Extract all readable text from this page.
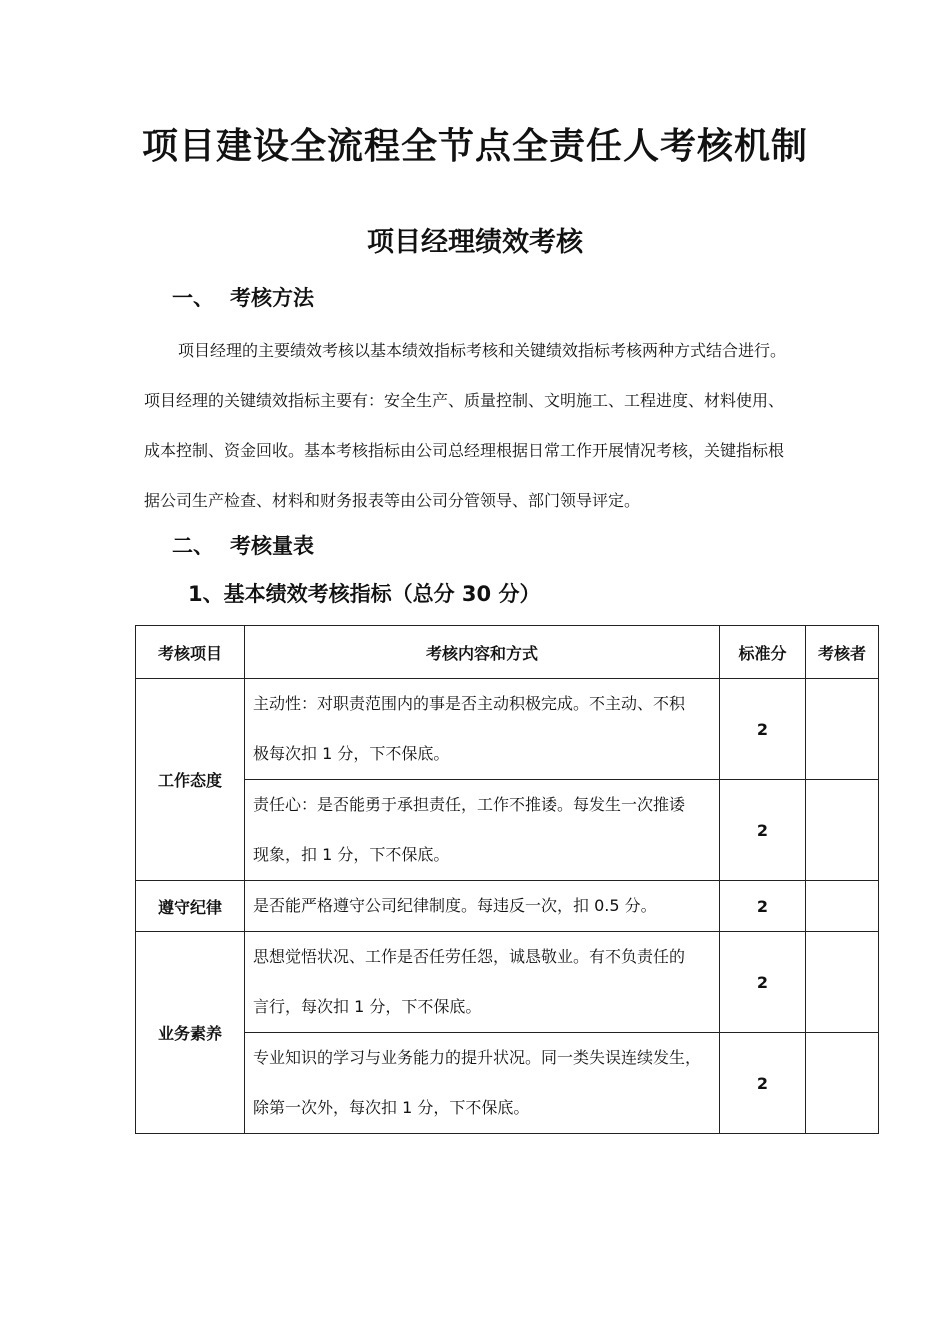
项目建设全流程全节点全责任人考核机制
项目经理绩效考核
一、 考核方法
项目经理的主要绩效考核以基本绩效指标考核和关键绩效指标考核两种方式结合进行。
项目经理的关键绩效指标主要有：安全生产、质量控制、文明施工、工程进度、材料使用、
成本控制、资金回收。基本考核指标由公司总经理根据日常工作开展情况考核，关键指标根
据公司生产检查、材料和财务报表等由公司分管领导、部门领导评定。
二、 考核量表
1、基本绩效考核指标（总分 30 分）
考核项目	考核内容和方式	标准分	考核者
工作态度	主动性：对职责范围内的事是否主动积极完成。不主动、不积
极每次扣 1 分，下不保底。	2	

	责任心：是否能勇于承担责任，工作不推诿。每发生一次推诿
现象，扣 1 分，下不保底。	2	
遵守纪律	是否能严格遵守公司纪律制度。每违反一次，扣 0.5 分。	2	
业务素养	思想觉悟状况、工作是否任劳任怨，诚恳敬业。有不负责任的
言行，每次扣 1 分，下不保底。	2	

	专业知识的学习与业务能力的提升状况。同一类失误连续发生，
除第一次外，每次扣 1 分，下不保底。	2	
